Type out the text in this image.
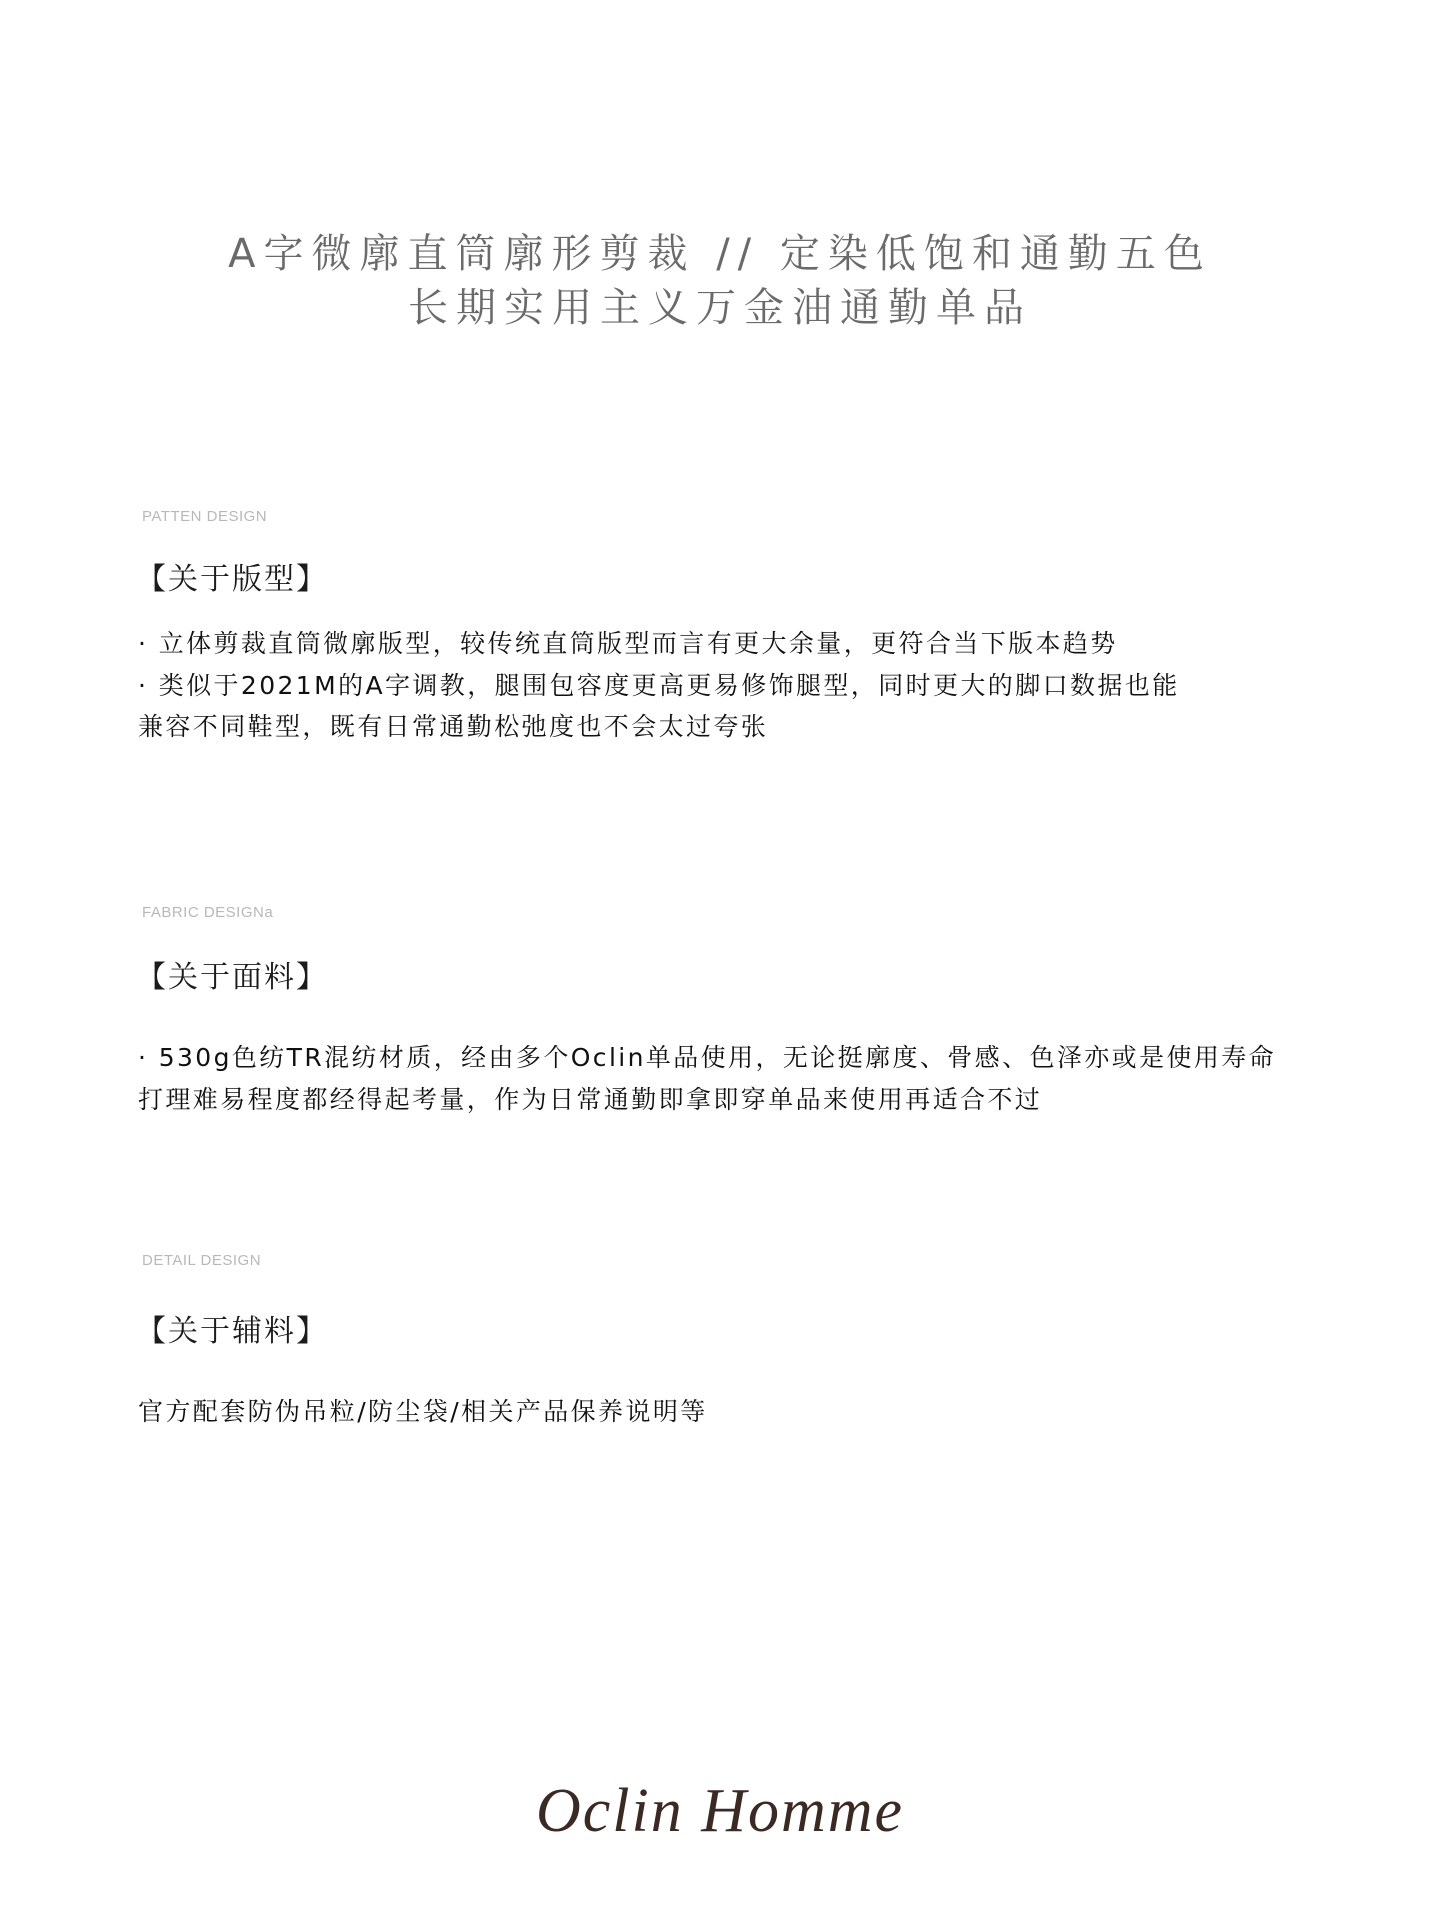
A字微廓直筒廓形剪裁 // 定染低饱和通勤五色
长期实用主义万金油通勤单品
PATTEN DESIGN
【关于版型】
· 立体剪裁直筒微廓版型，较传统直筒版型而言有更大余量，更符合当下版本趋势
· 类似于2021M的A字调教，腿围包容度更高更易修饰腿型，同时更大的脚口数据也能
兼容不同鞋型，既有日常通勤松弛度也不会太过夸张
FABRIC DESIGNa
【关于面料】
· 530g色纺TR混纺材质，经由多个Oclin单品使用，无论挺廓度、骨感、色泽亦或是使用寿命
打理难易程度都经得起考量，作为日常通勤即拿即穿单品来使用再适合不过
DETAIL DESIGN
【关于辅料】
官方配套防伪吊粒/防尘袋/相关产品保养说明等
Oclin Homme
